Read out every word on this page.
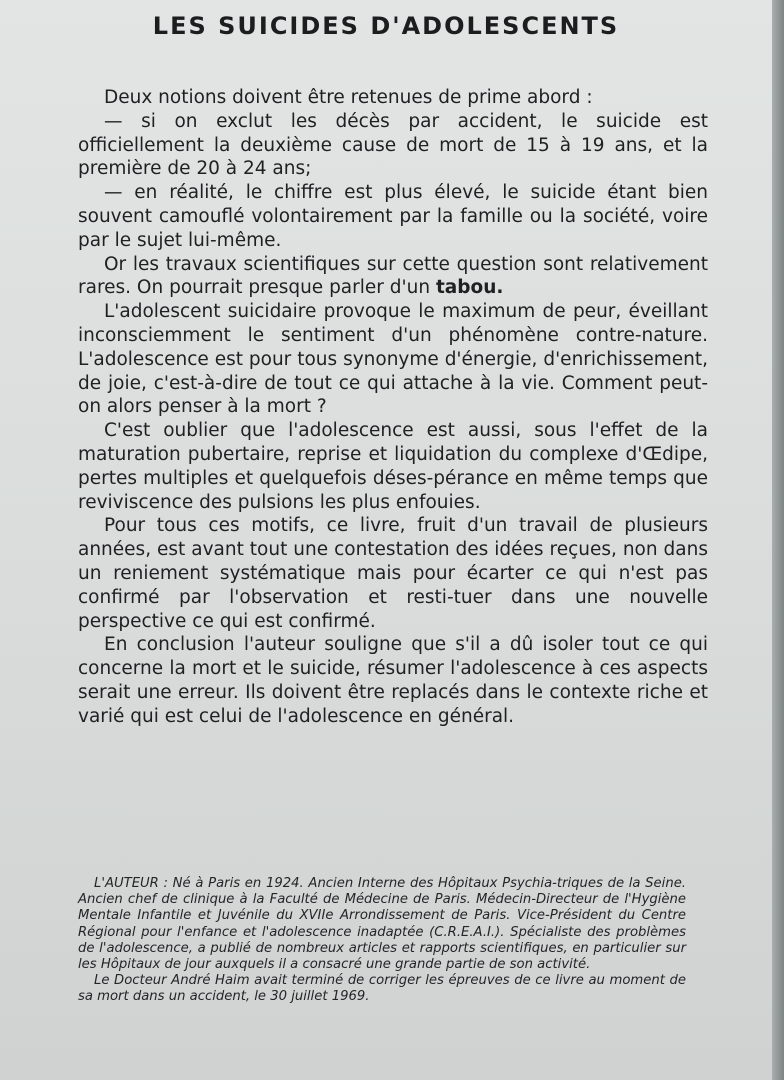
LES SUICIDES D'ADOLESCENTS

Deux notions doivent être retenues de prime abord :

— si on exclut les décès par accident, le suicide est officiellement la deuxième cause de mort de 15 à 19 ans, et la première de 20 à 24 ans;

— en réalité, le chiffre est plus élevé, le suicide étant bien souvent camouflé volontairement par la famille ou la société, voire par le sujet lui-même.

Or les travaux scientifiques sur cette question sont relativement rares. On pourrait presque parler d'un tabou.

L'adolescent suicidaire provoque le maximum de peur, éveillant inconsciemment le sentiment d'un phénomène contre-nature. L'adolescence est pour tous synonyme d'énergie, d'enrichissement, de joie, c'est-à-dire de tout ce qui attache à la vie. Comment peut-on alors penser à la mort ?

C'est oublier que l'adolescence est aussi, sous l'effet de la maturation pubertaire, reprise et liquidation du complexe d'Œdipe, pertes multiples et quelquefois déses-pérance en même temps que reviviscence des pulsions les plus enfouies.

Pour tous ces motifs, ce livre, fruit d'un travail de plusieurs années, est avant tout une contestation des idées reçues, non dans un reniement systématique mais pour écarter ce qui n'est pas confirmé par l'observation et resti-tuer dans une nouvelle perspective ce qui est confirmé.

En conclusion l'auteur souligne que s'il a dû isoler tout ce qui concerne la mort et le suicide, résumer l'adolescence à ces aspects serait une erreur. Ils doivent être replacés dans le contexte riche et varié qui est celui de l'adolescence en général.

L'AUTEUR : Né à Paris en 1924. Ancien Interne des Hôpitaux Psychia-triques de la Seine. Ancien chef de clinique à la Faculté de Médecine de Paris. Médecin-Directeur de l'Hygiène Mentale Infantile et Juvénile du XVIIe Arrondissement de Paris. Vice-Président du Centre Régional pour l'enfance et l'adolescence inadaptée (C.R.E.A.I.). Spécialiste des problèmes de l'adolescence, a publié de nombreux articles et rapports scientifiques, en particulier sur les Hôpitaux de jour auxquels il a consacré une grande partie de son activité.

Le Docteur André Haim avait terminé de corriger les épreuves de ce livre au moment de sa mort dans un accident, le 30 juillet 1969.
